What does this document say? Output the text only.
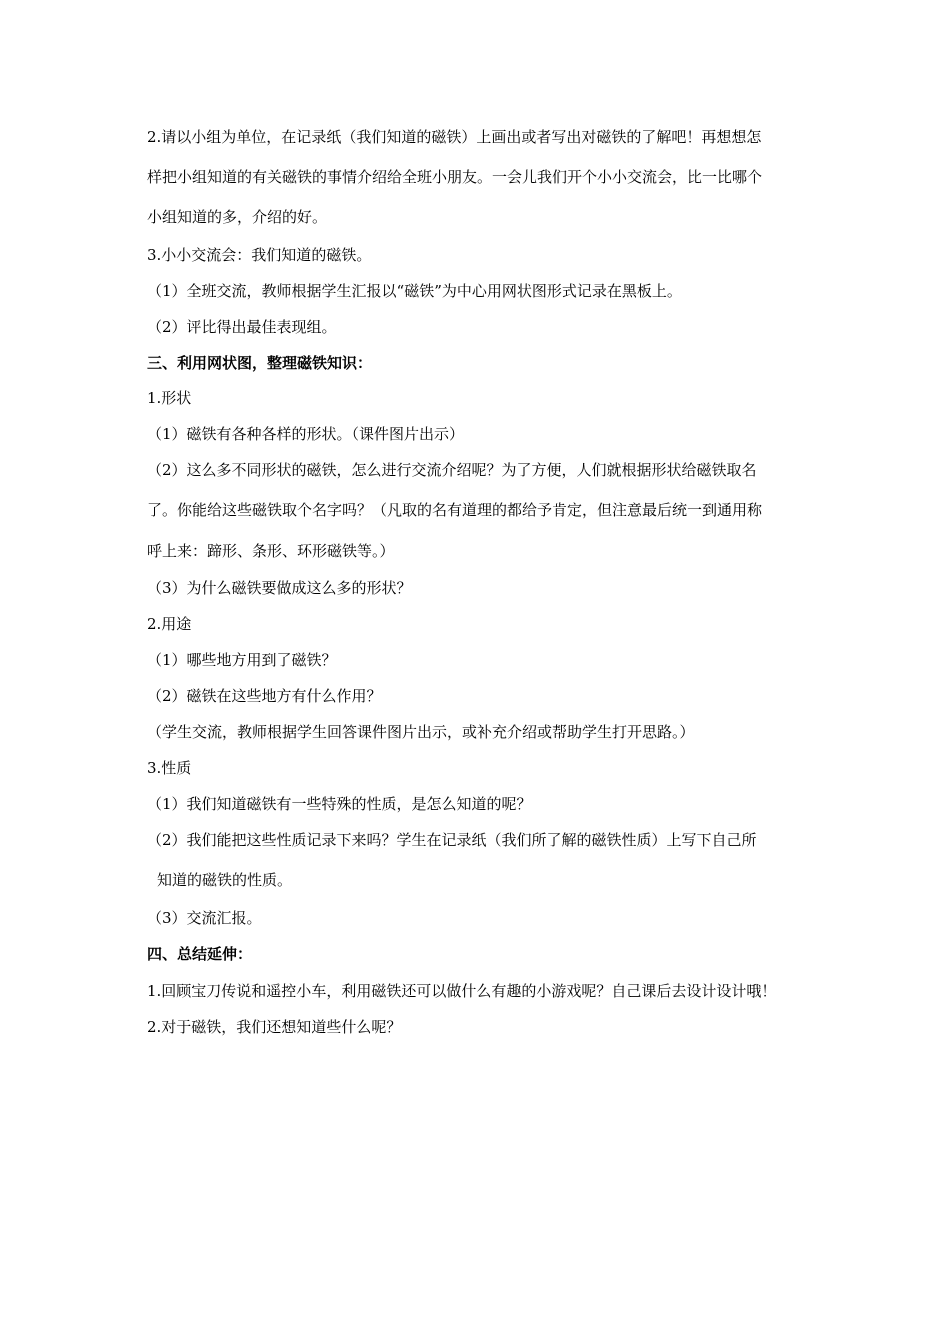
2.请以小组为单位，在记录纸（我们知道的磁铁）上画出或者写出对磁铁的了解吧！再想想怎
样把小组知道的有关磁铁的事情介绍给全班小朋友。一会儿我们开个小小交流会，比一比哪个
小组知道的多，介绍的好。
3.小小交流会：我们知道的磁铁。
（1）全班交流，教师根据学生汇报以“磁铁”为中心用网状图形式记录在黑板上。
（2）评比得出最佳表现组。
三、利用网状图，整理磁铁知识：
1.形状
（1）磁铁有各种各样的形状。（课件图片出示）
（2）这么多不同形状的磁铁，怎么进行交流介绍呢？为了方便，人们就根据形状给磁铁取名
了。你能给这些磁铁取个名字吗？（凡取的名有道理的都给予肯定，但注意最后统一到通用称
呼上来：蹄形、条形、环形磁铁等。）
（3）为什么磁铁要做成这么多的形状？
2.用途
（1）哪些地方用到了磁铁？
（2）磁铁在这些地方有什么作用？
（学生交流，教师根据学生回答课件图片出示，或补充介绍或帮助学生打开思路。）
3.性质
（1）我们知道磁铁有一些特殊的性质，是怎么知道的呢？
（2）我们能把这些性质记录下来吗？学生在记录纸（我们所了解的磁铁性质）上写下自己所
知道的磁铁的性质。
（3）交流汇报。
四、总结延伸：
1.回顾宝刀传说和遥控小车，利用磁铁还可以做什么有趣的小游戏呢？自己课后去设计设计哦！
2.对于磁铁，我们还想知道些什么呢？
